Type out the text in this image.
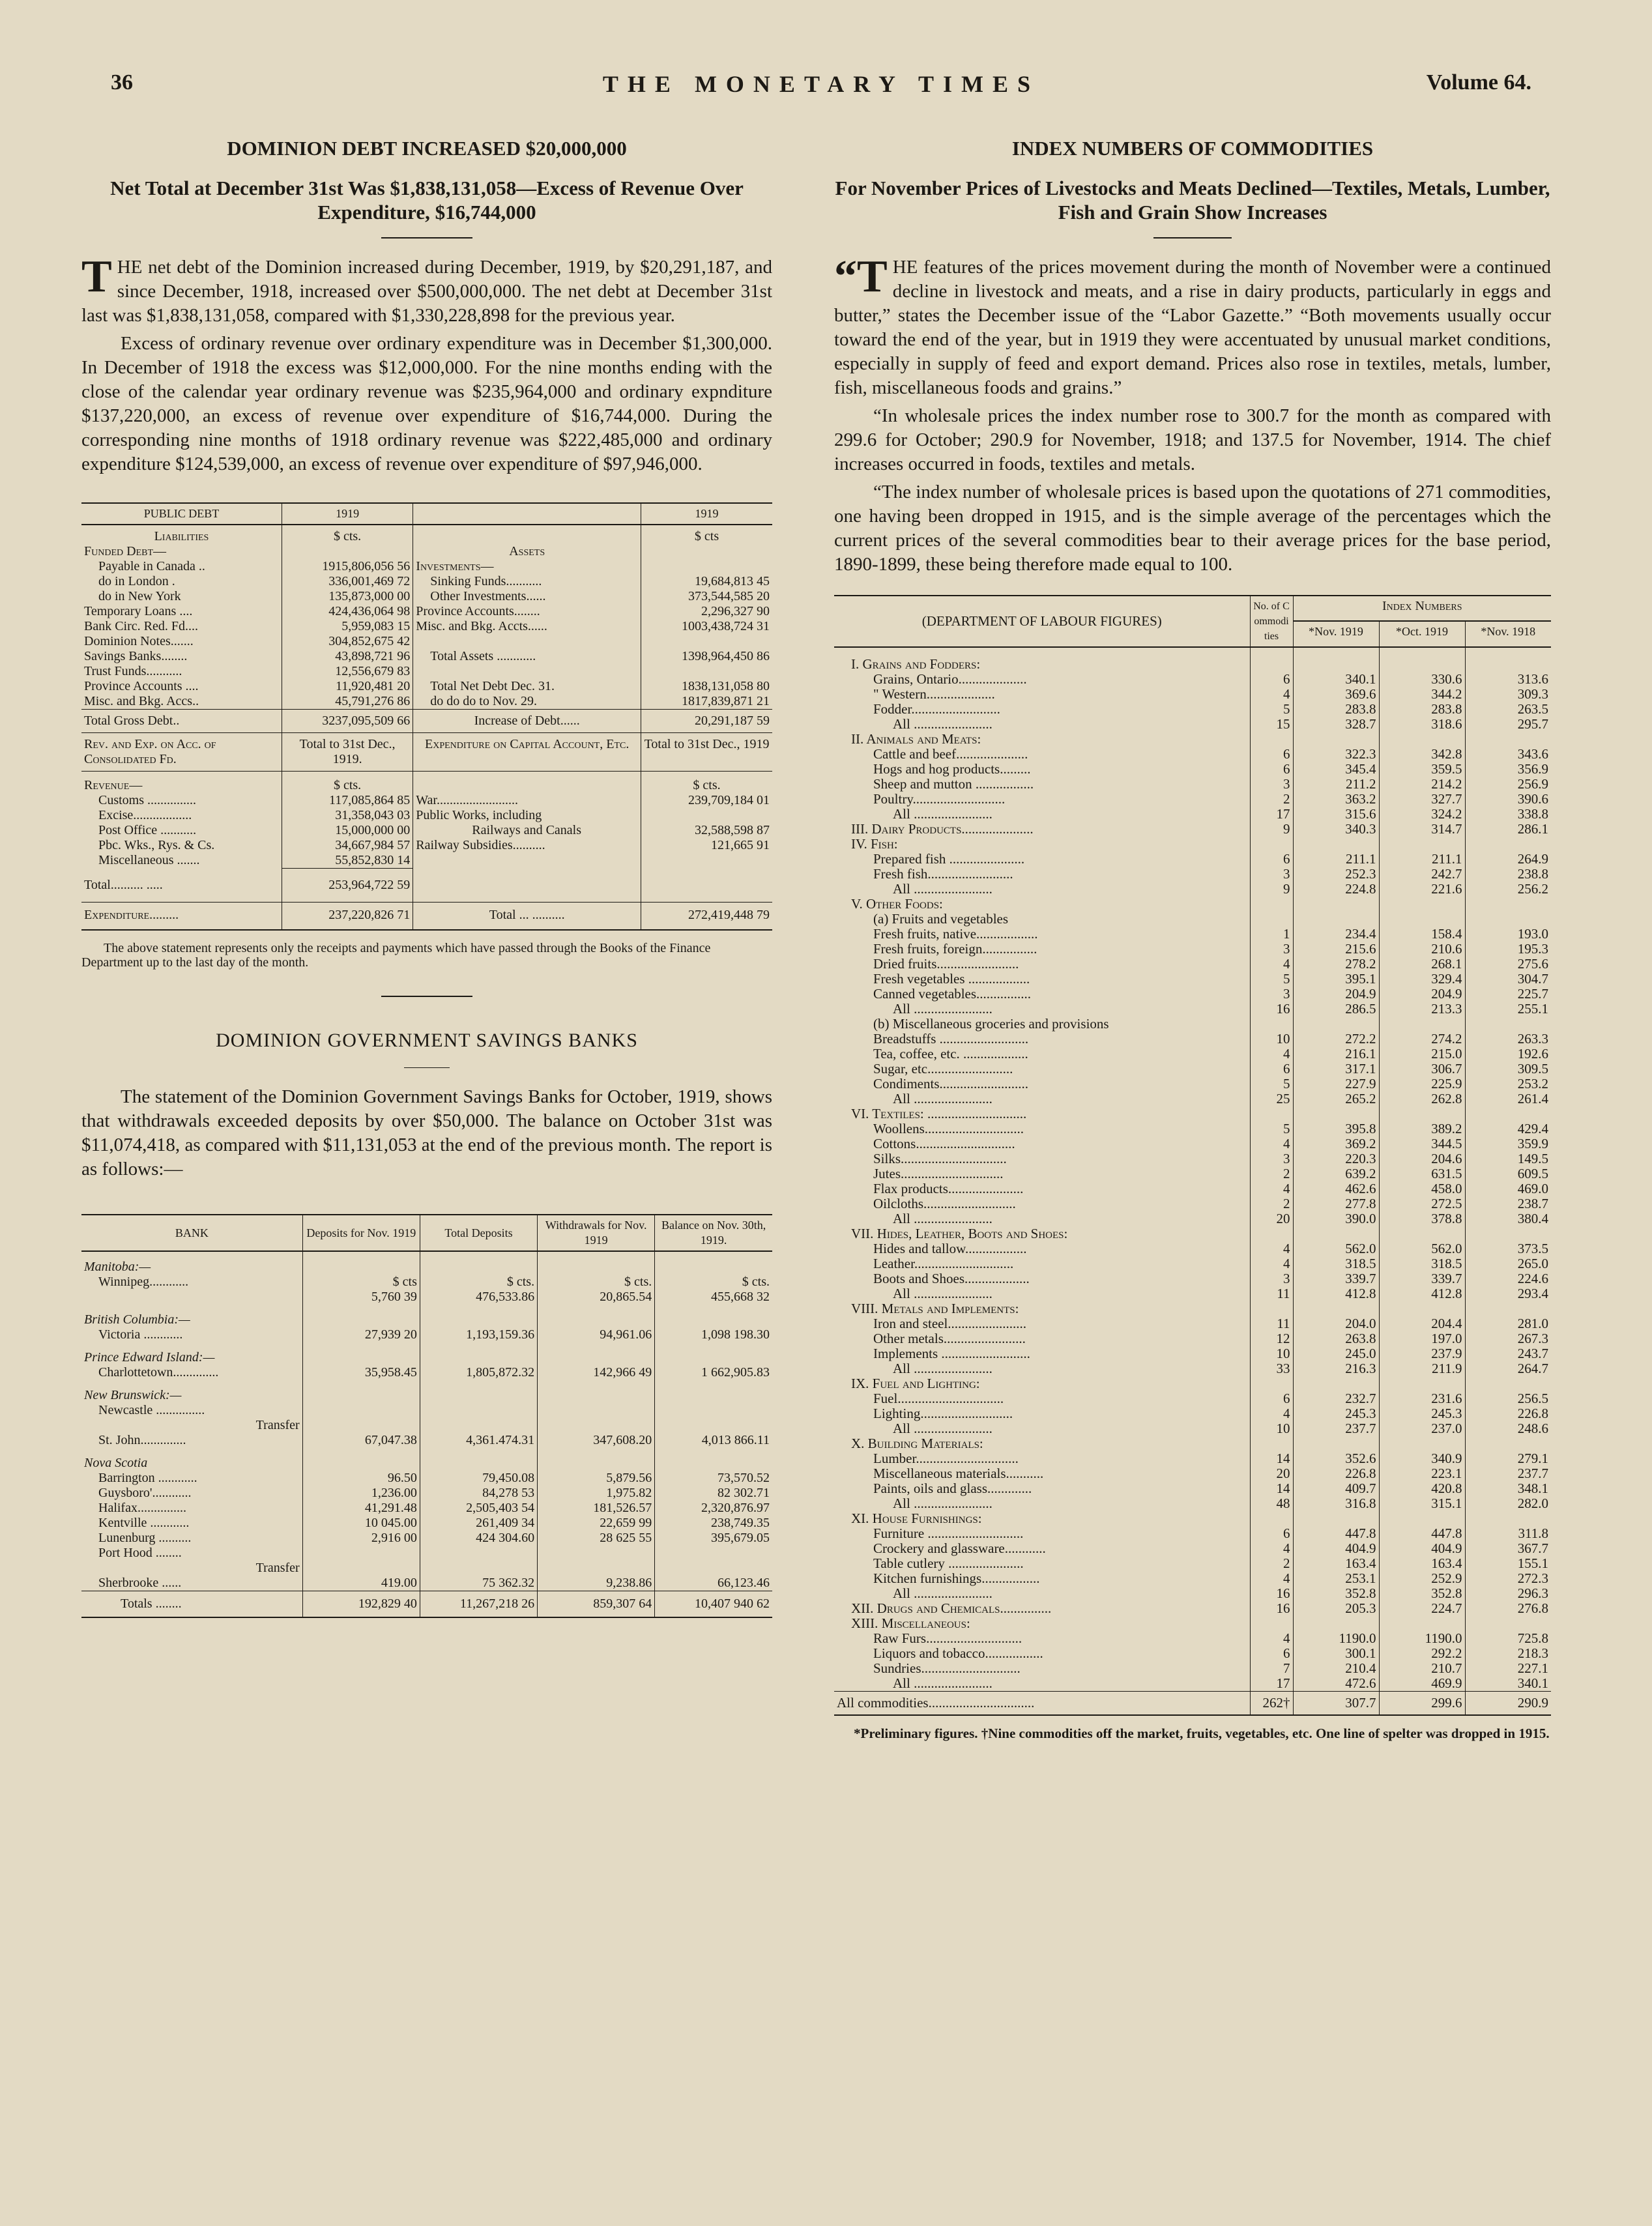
36	THE MONETARY TIMES	Volume 64.
DOMINION DEBT INCREASED $20,000,000
Net Total at December 31st Was $1,838,131,058—Excess of Revenue Over Expenditure, $16,744,000

THE net debt of the Dominion increased during December, 1919, by $20,291,187, and since December, 1918, increased over $500,000,000. The net debt at December 31st last was $1,838,131,058, compared with $1,330,228,898 for the previous year.

Excess of ordinary revenue over ordinary expenditure was in December $1,300,000. In December of 1918 the excess was $12,000,000. For the nine months ending with the close of the calendar year ordinary revenue was $235,964,000 and ordinary expnditure $137,220,000, an excess of revenue over expenditure of $16,744,000. During the corresponding nine months of 1918 ordinary revenue was $222,485,000 and ordinary expenditure $124,539,000, an excess of revenue over expenditure of $97,946,000.

PUBLIC DEBT	1919		1919
Liabilities	$ cts.		$ cts
Funded Debt—		Assets	
Payable in Canada ..	1915,806,056 56	Investments—	
do in London .	336,001,469 72	Sinking Funds...........	19,684,813 45
do in New York	135,873,000 00	Other Investments......	373,544,585 20
Temporary Loans ....	424,436,064 98	Province Accounts........	2,296,327 90
Bank Circ. Red. Fd....	5,959,083 15	Misc. and Bkg. Accts......	1003,438,724 31
Dominion Notes.......	304,852,675 42		
Savings Banks........	43,898,721 96	Total Assets ............	1398,964,450 86
Trust Funds...........	12,556,679 83		
Province Accounts ....	11,920,481 20	Total Net Debt Dec. 31.	1838,131,058 80
Misc. and Bkg. Accs..	45,791,276 86	do do do to Nov. 29.	1817,839,871 21
Total Gross Debt..	3237,095,509 66	Increase of Debt......	20,291,187 59
Rev. and Exp. on Acc. of Consolidated Fd.	Total to 31st Dec., 1919.	Expenditure on Capital Account, Etc.	Total to 31st Dec., 1919
Revenue—	$ cts.		$ cts.
Customs ...............	117,085,864 85	War.........................	239,709,184 01
Excise..................	31,358,043 03	Public Works, including	
Post Office ...........	15,000,000 00	Railways and Canals	32,588,598 87
Pbc. Wks., Rys. & Cs.	34,667,984 57	Railway Subsidies..........	121,665 91
Miscellaneous .......	55,852,830 14		
Total.......... .....	253,964,722 59		
Expenditure.........	237,220,826 71	Total ... ..........	272,419,448 79

The above statement represents only the receipts and payments which have passed through the Books of the Finance Department up to the last day of the month.

DOMINION GOVERNMENT SAVINGS BANKS

The statement of the Dominion Government Savings Banks for October, 1919, shows that withdrawals exceeded deposits by over $50,000. The balance on October 31st was $11,074,418, as compared with $11,131,053 at the end of the previous month. The report is as follows:—

BANK	Deposits for Nov. 1919	Total Deposits	Withdrawals for Nov. 1919	Balance on Nov. 30th, 1919.
Manitoba:—				
Winnipeg............	$ cts	$ cts.	$ cts.	$ cts.
	5,760 39	476,533.86	20,865.54	455,668 32
British Columbia:—				
Victoria ............	27,939 20	1,193,159.36	94,961.06	1,098 198.30
Prince Edward Island:—				
Charlottetown..............	35,958.45	1,805,872.32	142,966 49	1 662,905.83
New Brunswick:—				
Newcastle ...............				
Transfer				
St. John..............	67,047.38	4,361.474.31	347,608.20	4,013 866.11
Nova Scotia				
Barrington ............	96.50	79,450.08	5,879.56	73,570.52
Guysboro'............	1,236.00	84,278 53	1,975.82	82 302.71
Halifax...............	41,291.48	2,505,403 54	181,526.57	2,320,876.97
Kentville ............	10 045.00	261,409 34	22,659 99	238,749.35
Lunenburg ..........	2,916 00	424 304.60	28 625 55	395,679.05
Port Hood ........				
Transfer				
Sherbrooke ......	419.00	75 362.32	9,238.86	66,123.46
Totals ........	192,829 40	11,267,218 26	859,307 64	10,407 940 62
INDEX NUMBERS OF COMMODITIES
For November Prices of Livestocks and Meats Declined—Textiles, Metals, Lumber, Fish and Grain Show Increases

“THE features of the prices movement during the month of November were a continued decline in livestock and meats, and a rise in dairy products, particularly in eggs and butter,” states the December issue of the “Labor Gazette.” “Both movements usually occur toward the end of the year, but in 1919 they were accentuated by unusual market conditions, especially in supply of feed and export demand. Prices also rose in textiles, metals, lumber, fish, miscellaneous foods and grains.”

“In wholesale prices the index number rose to 300.7 for the month as compared with 299.6 for October; 290.9 for November, 1918; and 137.5 for November, 1914. The chief increases occurred in foods, textiles and metals.

“The index number of wholesale prices is based upon the quotations of 271 commodities, one having been dropped in 1915, and is the simple average of the percentages which the current prices of the several commodities bear to their average prices for the base period, 1890-1899, these being therefore made equal to 100.

(DEPARTMENT OF LABOUR FIGURES)	No. of Commodities	Index Numbers		
		*Nov. 1919	*Oct. 1919	*Nov. 1918
I. Grains and Fodders:				
Grains, Ontario....................	6	340.1	330.6	313.6
" Western....................	4	369.6	344.2	309.3
Fodder..........................	5	283.8	283.8	263.5
All .......................	15	328.7	318.6	295.7
II. Animals and Meats:				
Cattle and beef.....................	6	322.3	342.8	343.6
Hogs and hog products.........	6	345.4	359.5	356.9
Sheep and mutton .................	3	211.2	214.2	256.9
Poultry...........................	2	363.2	327.7	390.6
All .......................	17	315.6	324.2	338.8
III. Dairy Products.....................	9	340.3	314.7	286.1
IV. Fish:				
Prepared fish ......................	6	211.1	211.1	264.9
Fresh fish.........................	3	252.3	242.7	238.8
All .......................	9	224.8	221.6	256.2
V. Other Foods:				
(a) Fruits and vegetables				
Fresh fruits, native..................	1	234.4	158.4	193.0
Fresh fruits, foreign................	3	215.6	210.6	195.3
Dried fruits........................	4	278.2	268.1	275.6
Fresh vegetables ..................	5	395.1	329.4	304.7
Canned vegetables................	3	204.9	204.9	225.7
All .......................	16	286.5	213.3	255.1
(b) Miscellaneous groceries and provisions				
Breadstuffs ..........................	10	272.2	274.2	263.3
Tea, coffee, etc. ...................	4	216.1	215.0	192.6
Sugar, etc.........................	6	317.1	306.7	309.5
Condiments..........................	5	227.9	225.9	253.2
All .......................	25	265.2	262.8	261.4
VI. Textiles: .............................				
Woollens.............................	5	395.8	389.2	429.4
Cottons.............................	4	369.2	344.5	359.9
Silks...............................	3	220.3	204.6	149.5
Jutes..............................	2	639.2	631.5	609.5
Flax products......................	4	462.6	458.0	469.0
Oilcloths...........................	2	277.8	272.5	238.7
All .......................	20	390.0	378.8	380.4
VII. Hides, Leather, Boots and Shoes:				
Hides and tallow..................	4	562.0	562.0	373.5
Leather.............................	4	318.5	318.5	265.0
Boots and Shoes...................	3	339.7	339.7	224.6
All .......................	11	412.8	412.8	293.4
VIII. Metals and Implements:				
Iron and steel.......................	11	204.0	204.4	281.0
Other metals........................	12	263.8	197.0	267.3
Implements ..........................	10	245.0	237.9	243.7
All .......................	33	216.3	211.9	264.7
IX. Fuel and Lighting:				
Fuel...............................	6	232.7	231.6	256.5
Lighting...........................	4	245.3	245.3	226.8
All .......................	10	237.7	237.0	248.6
X. Building Materials:				
Lumber..............................	14	352.6	340.9	279.1
Miscellaneous materials...........	20	226.8	223.1	237.7
Paints, oils and glass.............	14	409.7	420.8	348.1
All .......................	48	316.8	315.1	282.0
XI. House Furnishings:				
Furniture ............................	6	447.8	447.8	311.8
Crockery and glassware............	4	404.9	404.9	367.7
Table cutlery ......................	2	163.4	163.4	155.1
Kitchen furnishings.................	4	253.1	252.9	272.3
All .......................	16	352.8	352.8	296.3
XII. Drugs and Chemicals...............	16	205.3	224.7	276.8
XIII. Miscellaneous:				
Raw Furs............................	4	1190.0	1190.0	725.8
Liquors and tobacco.................	6	300.1	292.2	218.3
Sundries.............................	7	210.4	210.7	227.1
All .......................	17	472.6	469.9	340.1
All commodities...............................	262†	307.7	299.6	290.9

*Preliminary figures. †Nine commodities off the market, fruits, vegetables, etc. One line of spelter was dropped in 1915.
